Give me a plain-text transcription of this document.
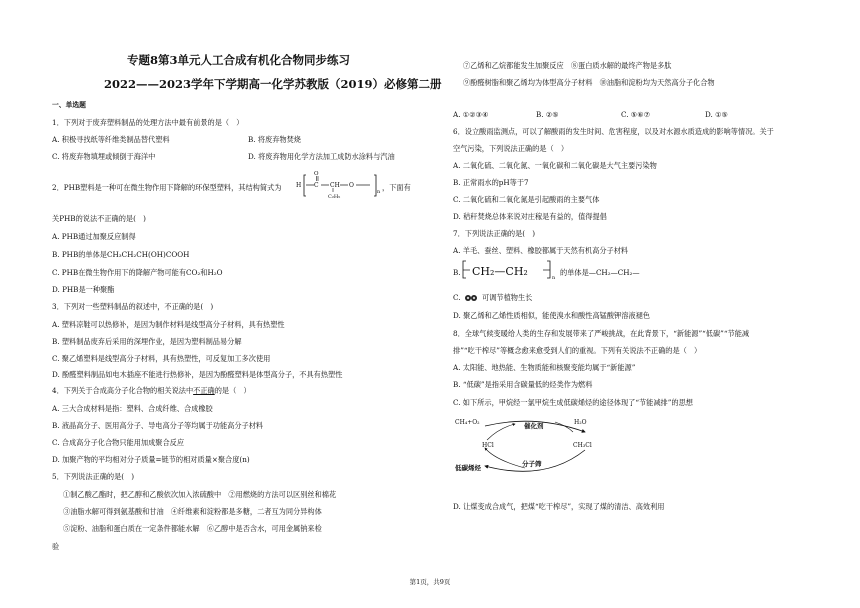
专题8第3单元人工合成有机化合物同步练习
2022——2023学年下学期高一化学苏教版（2019）必修第二册
一、单选题
1．下列对于废弃塑料制品的处理方法中最有前景的是（　）
A. 积极寻找纸等纤维类制品替代塑料	B. 将废弃物焚烧
C. 将废弃物填埋或倾倒于海洋中	D. 将废弃物用化学方法加工成防水涂料与汽油
2．PHB塑料是一种可在微生物作用下降解的环保型塑料，其结构简式为
O
C CH O
H
C₂H₅
n ，下面有
关PHB的说法不正确的是(　)
A. PHB通过加聚反应制得
B. PHB的单体是CH₃CH₂CH(OH)COOH
C. PHB在微生物作用下的降解产物可能有CO₂和H₂O
D. PHB是一种聚酯
3．下列对一些塑料制品的叙述中，不正确的是(　)
A. 塑料凉鞋可以热修补，是因为制作材料是线型高分子材料，具有热塑性
B. 塑料制品废弃后采用的深埋作业，是因为塑料制品易分解
C. 聚乙烯塑料是线型高分子材料，具有热塑性，可反复加工多次使用
D. 酚醛塑料制品如电木插座不能进行热修补，是因为酚醛塑料是体型高分子，不具有热塑性
4．下列关于合成高分子化合物的相关说法中不正确的是（　）
A. 三大合成材料是指：塑料、合成纤维、合成橡胶
B. 液晶高分子、医用高分子、导电高分子等均属于功能高分子材料
C. 合成高分子化合物只能用加成聚合反应
D. 加聚产物的平均相对分子质量=链节的相对质量×聚合度(n)
5．下列说法正确的是(　)
①制乙酸乙酯时，把乙醇和乙酸依次加入浓硫酸中　②用燃烧的方法可以区别丝和棉花
③油脂水解可得到氨基酸和甘油　④纤维素和淀粉都是多糖，二者互为同分异构体
⑤淀粉、油脂和蛋白质在一定条件都能水解　⑥乙醇中是否含水，可用金属钠来检
验
⑦乙烯和乙烷都能发生加聚反应　⑧蛋白质水解的最终产物是多肽
⑨酚醛树脂和聚乙烯均为体型高分子材料　⑩油脂和淀粉均为天然高分子化合物
A. ①②③④	B. ②⑤	C. ⑤⑥⑦	D. ①⑤
6．设立酸雨监测点，可以了解酸雨的发生时间、危害程度，以及对水源水质造成的影响等情况。关于
空气污染，下列说法正确的是（　）
A. 二氧化硫、二氧化氮、一氧化碳和二氧化碳是大气主要污染物
B. 正常雨水的pH等于7
C. 二氧化硫和二氧化氮是引起酸雨的主要气体
D. 秸秆焚烧总体来说对庄稼是有益的，值得提倡
7．下列说法正确的是(　)
A. 羊毛、蚕丝、塑料、橡胶都属于天然有机高分子材料
B. CH₂—CH₂	n
的单体是—CH₂—CH₂—
C.	可调节植物生长
D. 聚乙烯和乙烯性质相似，能使溴水和酸性高锰酸钾溶液褪色
8．全球气候变暖给人类的生存和发展带来了严峻挑战，在此背景下，“新能源”“低碳”“节能减
排”“吃干榨尽”等概念愈来愈受到人们的重视。下列有关说法不正确的是（　）
A. 太阳能、地热能、生物质能和核聚变能均属于“新能源”
B. “低碳”是指采用含碳量低的烃类作为燃料
C. 如下所示，甲烷经一氯甲烷生成低碳烯烃的途径体现了“节能减排”的思想
CH₄+O₂	催化剂	H₂O
HCl	CH₃Cl
分子筛
低碳烯烃
D. 让煤变成合成气，把煤“吃干榨尽”，实现了煤的清洁、高效利用
第1页，共9页
